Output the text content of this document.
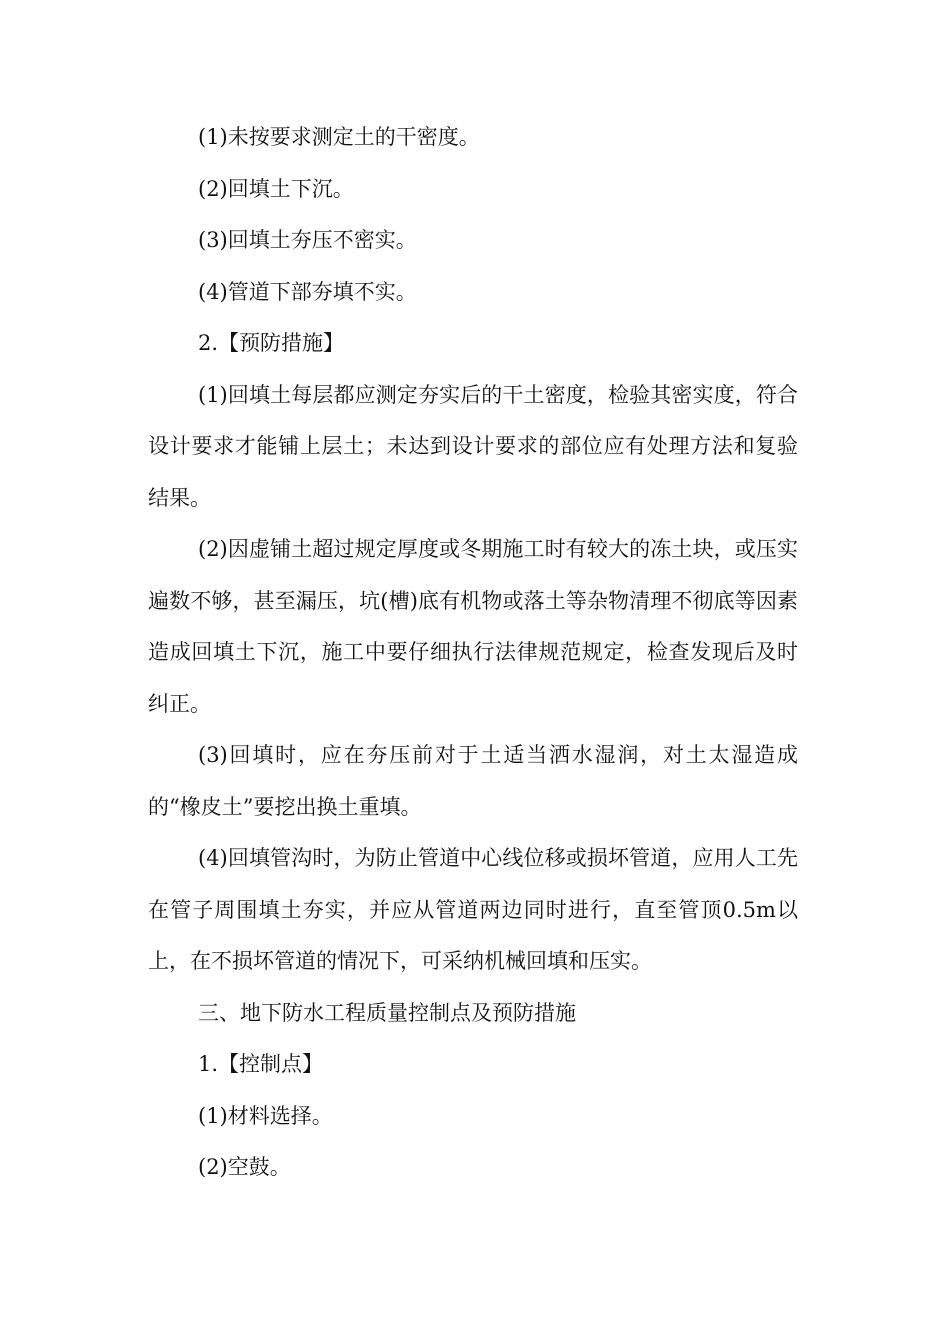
(1)未按要求测定土的干密度。

(2)回填土下沉。

(3)回填土夯压不密实。

(4)管道下部夯填不实。

2.【预防措施】

(1)回填土每层都应测定夯实后的干土密度，检验其密实度，符合设计要求才能铺上层土；未达到设计要求的部位应有处理方法和复验结果。

(2)因虚铺土超过规定厚度或冬期施工时有较大的冻土块，或压实遍数不够，甚至漏压，坑(槽)底有机物或落土等杂物清理不彻底等因素造成回填土下沉，施工中要仔细执行法律规范规定，检查发现后及时纠正。

(3)回填时，应在夯压前对于土适当洒水湿润，对土太湿造成的“橡皮土”要挖出换土重填。

(4)回填管沟时，为防止管道中心线位移或损坏管道，应用人工先在管子周围填土夯实，并应从管道两边同时进行，直至管顶0.5m以上，在不损坏管道的情况下，可采纳机械回填和压实。

三、地下防水工程质量控制点及预防措施

1.【控制点】

(1)材料选择。

(2)空鼓。
